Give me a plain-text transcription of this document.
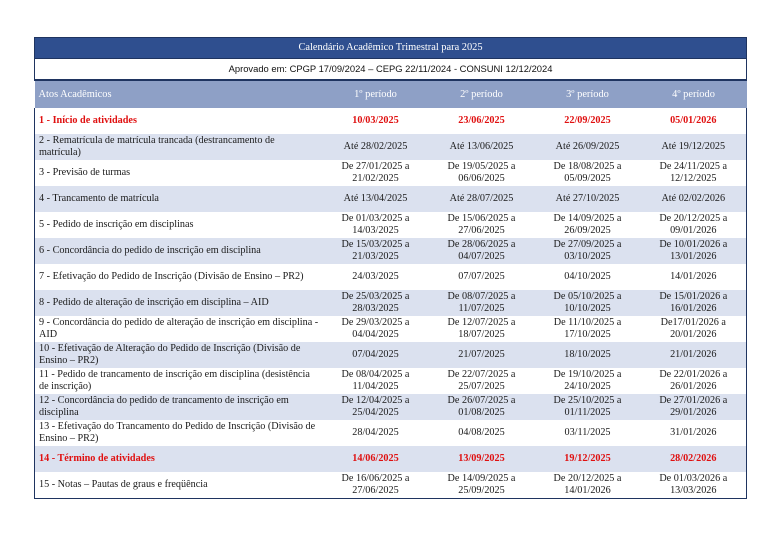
Calendário Acadêmico Trimestral para 2025				
Aprovado em: CPGP 17/09/2024 – CEPG 22/11/2024 - CONSUNI 12/12/2024				
Atos Acadêmicos	1º período	2º período	3º período	4º período
1 - Início de atividades	10/03/2025	23/06/2025	22/09/2025	05/01/2026
2 - Rematrícula de matrícula trancada (destrancamento de matrícula)	Até 28/02/2025	Até 13/06/2025	Até 26/09/2025	Até 19/12/2025
3 - Previsão de turmas	De 27/01/2025 a 21/02/2025	De 19/05/2025 a 06/06/2025	De 18/08/2025 a 05/09/2025	De 24/11/2025 a 12/12/2025
4 - Trancamento de matrícula	Até 13/04/2025	Até 28/07/2025	Até 27/10/2025	Até 02/02/2026
5 - Pedido de inscrição em disciplinas	De 01/03/2025 a 14/03/2025	De 15/06/2025 a 27/06/2025	De 14/09/2025 a 26/09/2025	De 20/12/2025 a 09/01/2026
6 - Concordância do pedido de inscrição em disciplina	De 15/03/2025 a 21/03/2025	De 28/06/2025 a 04/07/2025	De 27/09/2025 a 03/10/2025	De 10/01/2026 a 13/01/2026
7 - Efetivação do Pedido de Inscrição (Divisão de Ensino – PR2)	24/03/2025	07/07/2025	04/10/2025	14/01/2026
8 - Pedido de alteração de inscrição em disciplina – AID	De 25/03/2025 a 28/03/2025	De 08/07/2025 a 11/07/2025	De 05/10/2025 a 10/10/2025	De 15/01/2026 a 16/01/2026
9 - Concordância do pedido de alteração de inscrição em disciplina - AID	De 29/03/2025 a 04/04/2025	De 12/07/2025 a 18/07/2025	De 11/10/2025 a 17/10/2025	De17/01/2026 a 20/01/2026
10 - Efetivação de Alteração do Pedido de Inscrição (Divisão de Ensino – PR2)	07/04/2025	21/07/2025	18/10/2025	21/01/2026
11 - Pedido de trancamento de inscrição em disciplina (desistência de inscrição)	De 08/04/2025 a 11/04/2025	De 22/07/2025 a 25/07/2025	De 19/10/2025 a 24/10/2025	De 22/01/2026 a 26/01/2026
12 - Concordância do pedido de trancamento de inscrição em disciplina	De 12/04/2025 a 25/04/2025	De 26/07/2025 a 01/08/2025	De 25/10/2025 a 01/11/2025	De 27/01/2026 a 29/01/2026
13 - Efetivação do Trancamento do Pedido de Inscrição (Divisão de Ensino – PR2)	28/04/2025	04/08/2025	03/11/2025	31/01/2026
14 - Término de atividades	14/06/2025	13/09/2025	19/12/2025	28/02/2026
15 - Notas – Pautas de graus e freqüência	De 16/06/2025 a 27/06/2025	De 14/09/2025 a 25/09/2025	De 20/12/2025 a 14/01/2026	De 01/03/2026 a 13/03/2026
